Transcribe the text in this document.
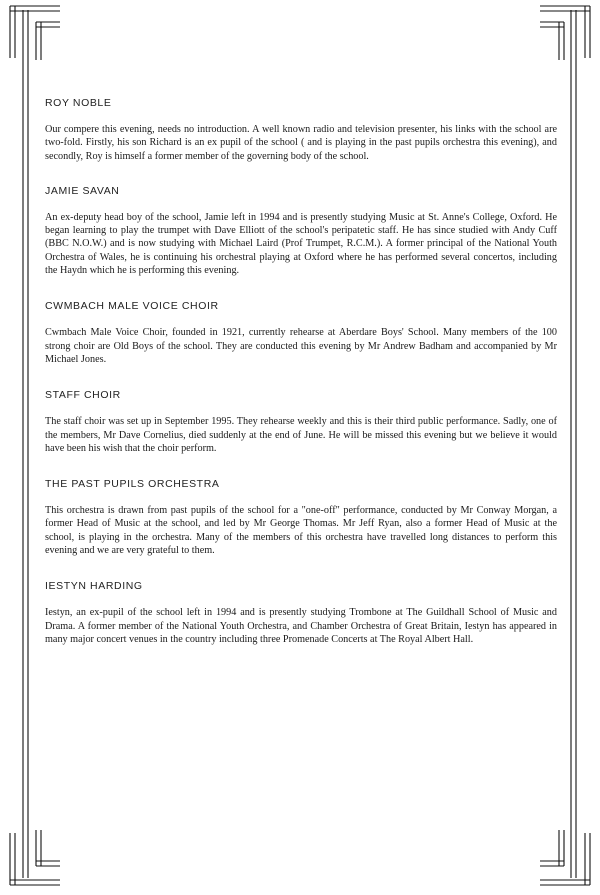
ROY NOBLE

Our compere this evening, needs no introduction. A well known radio and television presenter, his links with the school are two-fold. Firstly, his son Richard is an ex pupil of the school ( and is playing in the past pupils orchestra this evening), and secondly, Roy is himself a former member of the governing body of the school.

JAMIE SAVAN

An ex-deputy head boy of the school, Jamie left in 1994 and is presently studying Music at St. Anne's College, Oxford. He began learning to play the trumpet with Dave Elliott of the school's peripatetic staff. He has since studied with Andy Cuff (BBC N.O.W.) and is now studying with Michael Laird (Prof Trumpet, R.C.M.). A former principal of the National Youth Orchestra of Wales, he is continuing his orchestral playing at Oxford where he has performed several concertos, including the Haydn which he is performing this evening.

CWMBACH MALE VOICE CHOIR

Cwmbach Male Voice Choir, founded in 1921, currently rehearse at Aberdare Boys' School. Many members of the 100 strong choir are Old Boys of the school. They are conducted this evening by Mr Andrew Badham and accompanied by Mr Michael Jones.

STAFF CHOIR

The staff choir was set up in September 1995. They rehearse weekly and this is their third public performance. Sadly, one of the members, Mr Dave Cornelius, died suddenly at the end of June. He will be missed this evening but we believe it would have been his wish that the choir perform.

THE PAST PUPILS ORCHESTRA

This orchestra is drawn from past pupils of the school for a "one-off" performance, conducted by Mr Conway Morgan, a former Head of Music at the school, and led by Mr George Thomas. Mr Jeff Ryan, also a former Head of Music at the school, is playing in the orchestra. Many of the members of this orchestra have travelled long distances to perform this evening and we are very grateful to them.

IESTYN HARDING

Iestyn, an ex-pupil of the school left in 1994 and is presently studying Trombone at The Guildhall School of Music and Drama. A former member of the National Youth Orchestra, and Chamber Orchestra of Great Britain, Iestyn has appeared in many major concert venues in the country including three Promenade Concerts at The Royal Albert Hall.
